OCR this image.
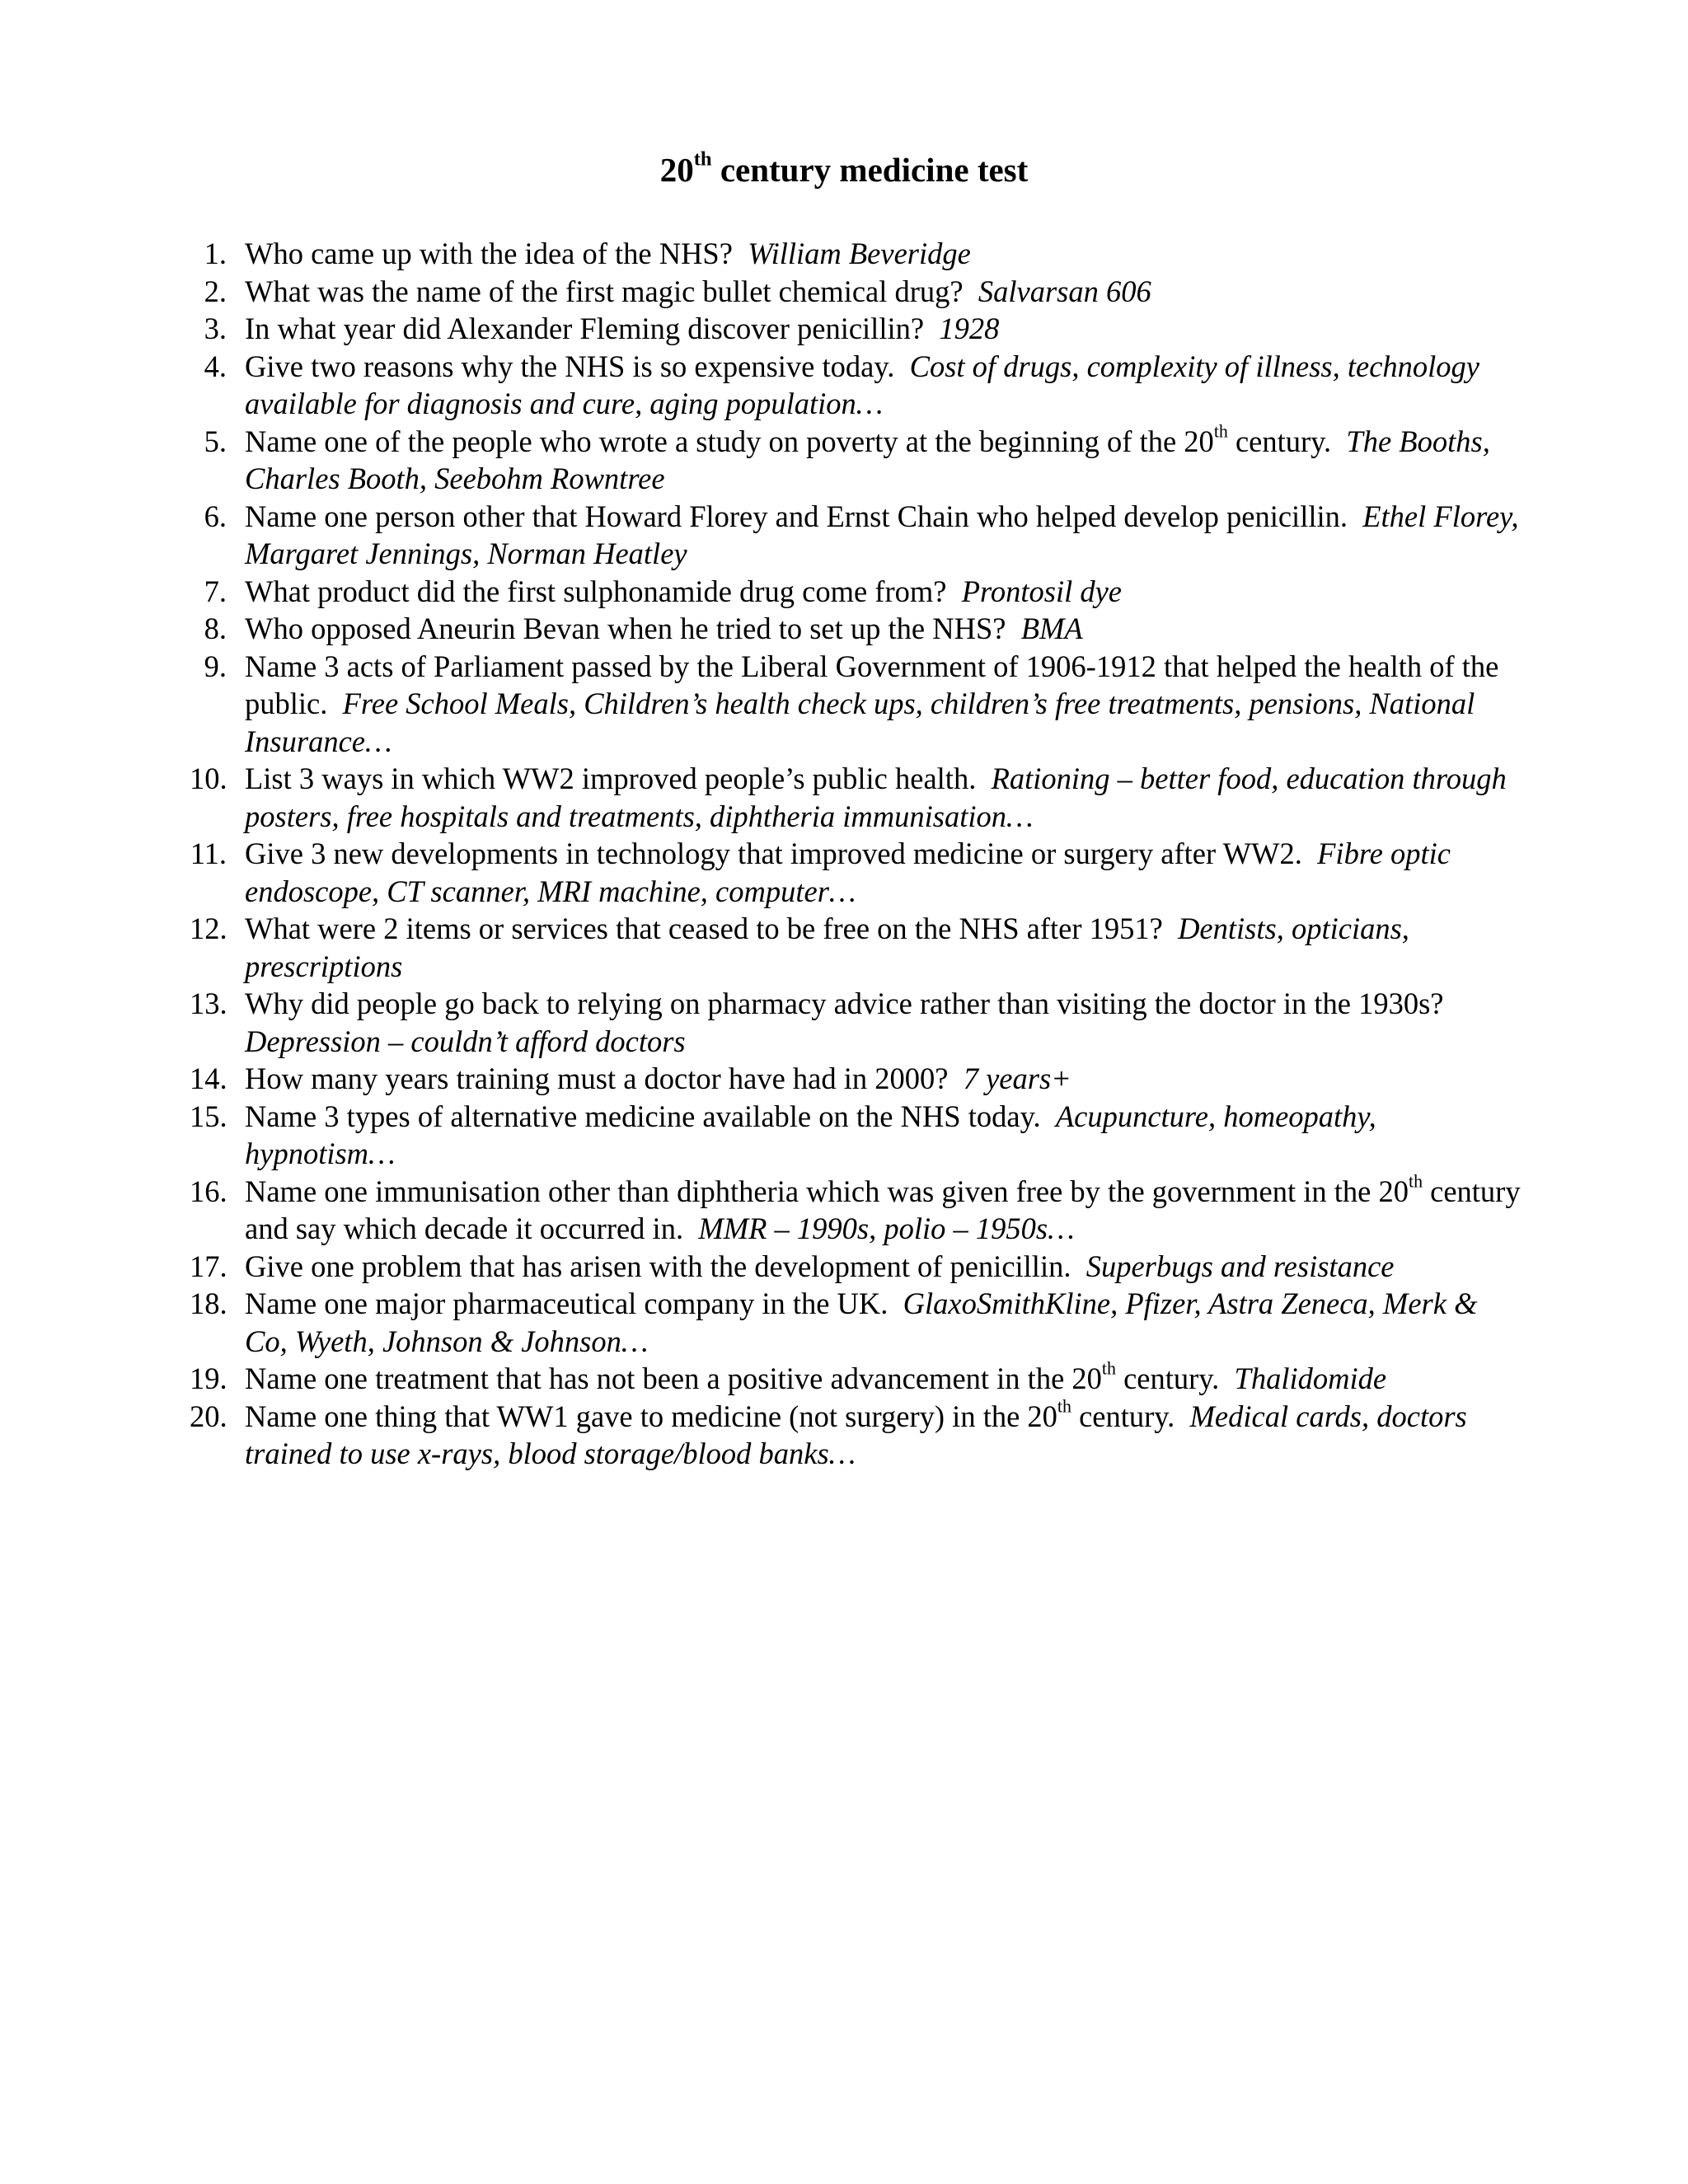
20th century medicine test
1. Who came up with the idea of the NHS? William Beveridge
2. What was the name of the first magic bullet chemical drug? Salvarsan 606
3. In what year did Alexander Fleming discover penicillin? 1928
4. Give two reasons why the NHS is so expensive today. Cost of drugs, complexity of illness, technology available for diagnosis and cure, aging population…
5. Name one of the people who wrote a study on poverty at the beginning of the 20th century. The Booths, Charles Booth, Seebohm Rowntree
6. Name one person other that Howard Florey and Ernst Chain who helped develop penicillin. Ethel Florey, Margaret Jennings, Norman Heatley
7. What product did the first sulphonamide drug come from? Prontosil dye
8. Who opposed Aneurin Bevan when he tried to set up the NHS? BMA
9. Name 3 acts of Parliament passed by the Liberal Government of 1906-1912 that helped the health of the public. Free School Meals, Children’s health check ups, children’s free treatments, pensions, National Insurance…
10. List 3 ways in which WW2 improved people’s public health. Rationing – better food, education through posters, free hospitals and treatments, diphtheria immunisation…
11. Give 3 new developments in technology that improved medicine or surgery after WW2. Fibre optic endoscope, CT scanner, MRI machine, computer…
12. What were 2 items or services that ceased to be free on the NHS after 1951? Dentists, opticians, prescriptions
13. Why did people go back to relying on pharmacy advice rather than visiting the doctor in the 1930s?  Depression – couldn’t afford doctors
14. How many years training must a doctor have had in 2000? 7 years+
15. Name 3 types of alternative medicine available on the NHS today. Acupuncture, homeopathy, hypnotism…
16. Name one immunisation other than diphtheria which was given free by the government in the 20th century and say which decade it occurred in. MMR – 1990s, polio – 1950s…
17. Give one problem that has arisen with the development of penicillin. Superbugs and resistance
18. Name one major pharmaceutical company in the UK. GlaxoSmithKline, Pfizer, Astra Zeneca, Merk & Co, Wyeth, Johnson & Johnson…
19. Name one treatment that has not been a positive advancement in the 20th century. Thalidomide
20. Name one thing that WW1 gave to medicine (not surgery) in the 20th century. Medical cards, doctors trained to use x-rays, blood storage/blood banks…
